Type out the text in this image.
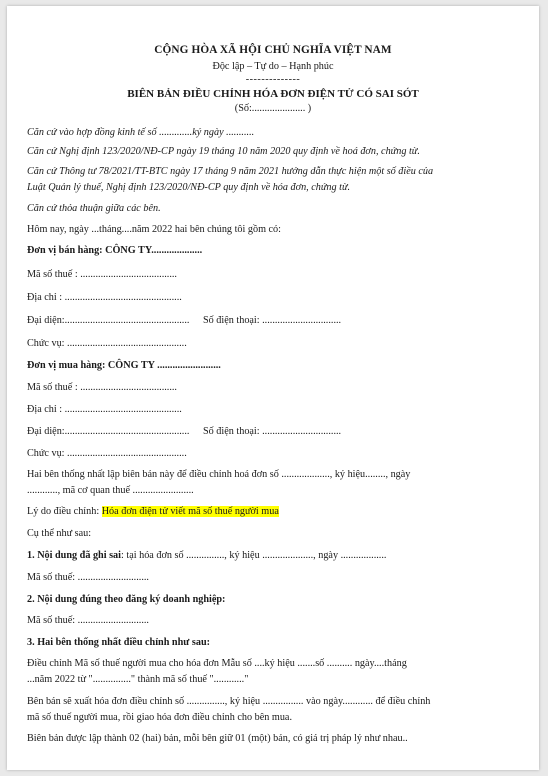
CỘNG HÒA XÃ HỘI CHỦ NGHĨA VIỆT NAM
Độc lập – Tự do – Hạnh phúc
--------------
BIÊN BẢN ĐIỀU CHỈNH HÓA ĐƠN ĐIỆN TỬ CÓ SAI SÓT
(Số:..................... )
Căn cứ vào hợp đồng kinh tế số .............ký ngày ...........
Căn cứ Nghị định 123/2020/NĐ-CP ngày 19 tháng 10 năm 2020 quy định về hoá đơn, chứng từ.
Căn cứ Thông tư 78/2021/TT-BTC ngày 17 tháng 9 năm 2021 hướng dẫn thực hiện một số điều của
Luật Quản lý thuế, Nghị định 123/2020/NĐ-CP quy định về hóa đơn, chứng từ.
Căn cứ thỏa thuận giữa các bên.
Hôm nay, ngày ...tháng....năm 2022 hai bên chúng tôi gồm có:
Đơn vị bán hàng: CÔNG TY....................
Mã số thuế : ......................................
Địa chỉ : ..............................................
Đại diện:................................................. Số điện thoại: ...............................
Chức vụ: ...............................................
Đơn vị mua hàng: CÔNG TY .........................
Mã số thuế : ......................................
Địa chỉ : ..............................................
Đại diện:................................................. Số điện thoại: ...............................
Chức vụ: ...............................................
Hai bên thống nhất lập biên bản này để điều chỉnh hoá đơn số ..................., ký hiệu........, ngày
............, mã cơ quan thuế ........................
Lý do điều chỉnh: Hóa đơn điện tử viết mã số thuế người mua
Cụ thể như sau:
1. Nội dung đã ghi sai: tại hóa đơn số ..............., ký hiệu ...................., ngày ..................
Mã số thuế: ............................
2. Nội dung đúng theo đăng ký doanh nghiệp:
Mã số thuế: ............................
3. Hai bên thống nhất điều chỉnh như sau:
Điều chỉnh Mã số thuế người mua cho hóa đơn Mẫu số ....ký hiệu .......số .......... ngày....tháng
...năm 2022 từ "..............." thành mã số thuế "............"
Bên bán sẽ xuất hóa đơn điều chỉnh số ..............., ký hiệu ................ vào ngày............ để điều chỉnh
mã số thuế người mua, rồi giao hóa đơn điều chỉnh cho bên mua.
Biên bản được lập thành 02 (hai) bản, mỗi bên giữ 01 (một) bản, có giá trị pháp lý như nhau..
